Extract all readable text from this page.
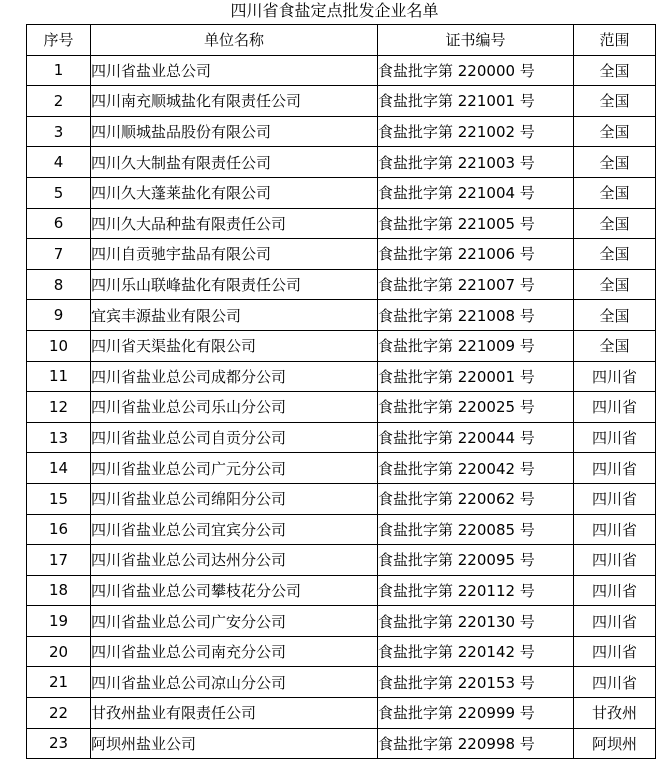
四川省食盐定点批发企业名单
序号	单位名称	证书编号	范围
1	四川省盐业总公司	食盐批字第 220000 号	全国
2	四川南充顺城盐化有限责任公司	食盐批字第 221001 号	全国
3	四川顺城盐品股份有限公司	食盐批字第 221002 号	全国
4	四川久大制盐有限责任公司	食盐批字第 221003 号	全国
5	四川久大蓬莱盐化有限公司	食盐批字第 221004 号	全国
6	四川久大品种盐有限责任公司	食盐批字第 221005 号	全国
7	四川自贡驰宇盐品有限公司	食盐批字第 221006 号	全国
8	四川乐山联峰盐化有限责任公司	食盐批字第 221007 号	全国
9	宜宾丰源盐业有限公司	食盐批字第 221008 号	全国
10	四川省天渠盐化有限公司	食盐批字第 221009 号	全国
11	四川省盐业总公司成都分公司	食盐批字第 220001 号	四川省
12	四川省盐业总公司乐山分公司	食盐批字第 220025 号	四川省
13	四川省盐业总公司自贡分公司	食盐批字第 220044 号	四川省
14	四川省盐业总公司广元分公司	食盐批字第 220042 号	四川省
15	四川省盐业总公司绵阳分公司	食盐批字第 220062 号	四川省
16	四川省盐业总公司宜宾分公司	食盐批字第 220085 号	四川省
17	四川省盐业总公司达州分公司	食盐批字第 220095 号	四川省
18	四川省盐业总公司攀枝花分公司	食盐批字第 220112 号	四川省
19	四川省盐业总公司广安分公司	食盐批字第 220130 号	四川省
20	四川省盐业总公司南充分公司	食盐批字第 220142 号	四川省
21	四川省盐业总公司凉山分公司	食盐批字第 220153 号	四川省
22	甘孜州盐业有限责任公司	食盐批字第 220999 号	甘孜州
23	阿坝州盐业公司	食盐批字第 220998 号	阿坝州
